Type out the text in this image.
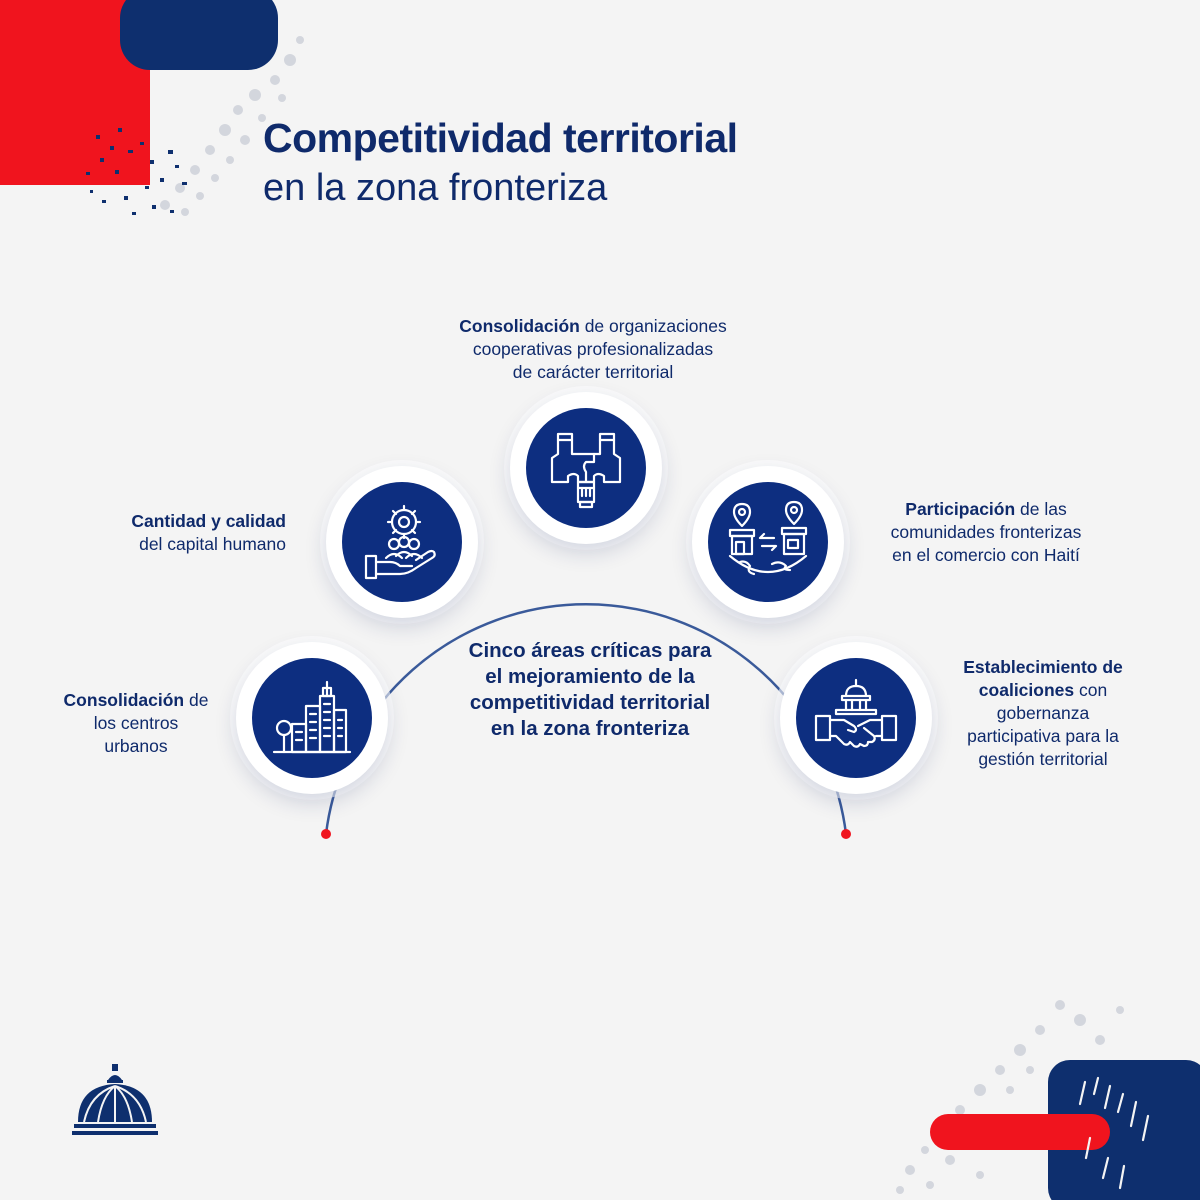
Competitividad territorial
en la zona fronteriza
Consolidación de
los centros
urbanos
Cantidad y calidad
del capital humano
Consolidación de organizaciones
cooperativas profesionalizadas
de carácter territorial
Participación de las
comunidades fronterizas
en el comercio con Haití
Establecimiento de
coaliciones con
gobernanza
participativa para la
gestión territorial
Cinco áreas críticas para
el mejoramiento de la
competitividad territorial
en la zona fronteriza
